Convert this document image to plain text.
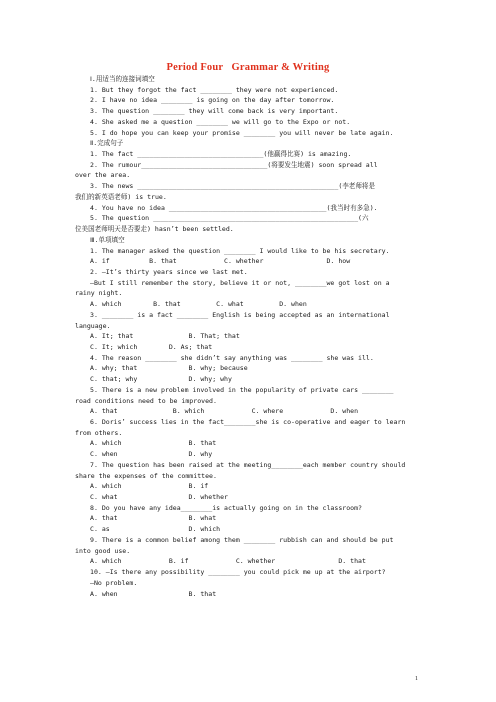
Period Four   Grammar & Writing
Ⅰ.用适当的连接词填空
1. But they forgot the fact ________ they were not experienced.
2. I have no idea ________ is going on the day after tomorrow.
3. The question ________ they will come back is very important.
4. She asked me a question ________ we will go to the Expo or not.
5. I do hope you can keep your promise ________ you will never be late again.
Ⅱ.完成句子
1. The fact ________________________________(他赢得比赛) is amazing.
2. The rumour________________________________(将要发生地震) soon spread all
over the area.
3. The news ___________________________________________________(李老师将是
我们的新英语老师) is true.
4. You have no idea ________________________________________(我当时有多急).
5. The question ____________________________________________________(六
位美国老师明天是否要走) hasn’t been settled.
Ⅲ.单项填空
1. The manager asked the question ________ I would like to be his secretary.
A. if          B. that            C. whether                D. how
2. —It’s thirty years since we last met.
—But I still remember the story, believe it or not, ________we got lost on a
rainy night.
A. which        B. that         C. what         D. when
3. ________ is a fact ________ English is being accepted as an international
language.
A. It; that              B. That; that
C. It; which        D. As; that
4. The reason ________ she didn’t say anything was ________ she was ill.
A. why; that             B. why; because
C. that; why             D. why; why
5. There is a new problem involved in the popularity of private cars ________
road conditions need to be improved.
A. that              B. which            C. where            D. when
6. Doris’ success lies in the fact________she is co-operative and eager to learn
from others.
A. which                 B. that
C. when                  D. why
7. The question has been raised at the meeting________each member country should
share the expenses of the committee.
A. which                 B. if
C. what                  D. whether
8. Do you have any idea________is actually going on in the classroom?
A. that                  B. what
C. as                    D. which
9. There is a common belief among them ________ rubbish can and should be put
into good use.
A. which            B. if            C. whether                D. that
10. —Is there any possibility ________ you could pick me up at the airport?
—No problem.
A. when                  B. that
1
